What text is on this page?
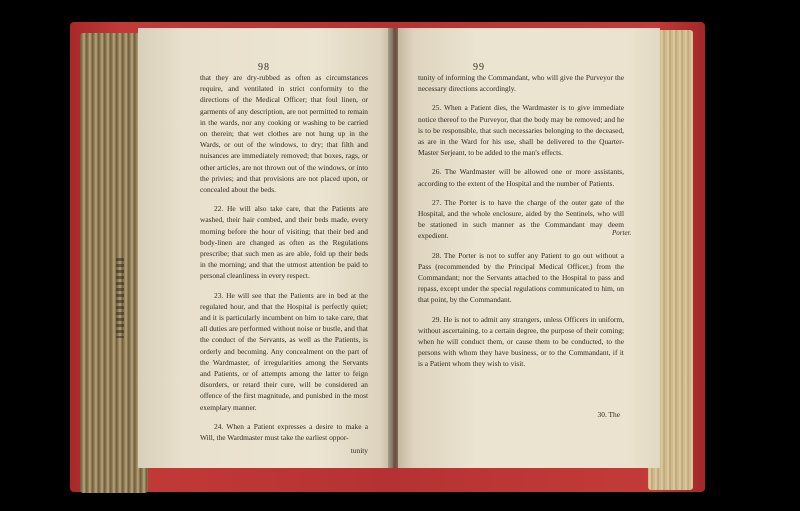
98

that they are dry-rubbed as often as circumstances require, and ventilated in strict conformity to the directions of the Medical Officer; that foul linen, or garments of any description, are not permitted to remain in the wards, nor any cooking or washing to be carried on therein; that wet clothes are not hung up in the Wards, or out of the windows, to dry; that filth and nuisances are immediately removed; that boxes, rags, or other articles, are not thrown out of the windows, or into the privies; and that provisions are not placed upon, or concealed about the beds.

22. He will also take care, that the Patients are washed, their hair combed, and their beds made, every morning before the hour of visiting; that their bed and body-linen are changed as often as the Regulations prescribe; that such men as are able, fold up their beds in the morning; and that the utmost attention be paid to personal cleanliness in every respect.

23. He will see that the Patients are in bed at the regulated hour, and that the Hospital is perfectly quiet; and it is particularly incumbent on him to take care, that all duties are performed without noise or bustle, and that the conduct of the Servants, as well as the Patients, is orderly and becoming. Any concealment on the part of the Wardmaster, of irregularities among the Servants and Patients, or of attempts among the latter to feign disorders, or retard their cure, will be considered an offence of the first magnitude, and punished in the most exemplary manner.

24. When a Patient expresses a desire to make a Will, the Wardmaster must take the earliest oppor-

tunity
99

tunity of informing the Commandant, who will give the Purveyor the necessary directions accordingly.

25. When a Patient dies, the Wardmaster is to give immediate notice thereof to the Purveyor, that the body may be removed; and he is to be responsible, that such necessaries belonging to the deceased, as are in the Ward for his use, shall be delivered to the Quarter-Master Serjeant, to be added to the man's effects.

26. The Wardmaster will be allowed one or more assistants, according to the extent of the Hospital and the number of Patients.

27. The Porter is to have the charge of the outer gate of the Hospital, and the whole enclosure, aided by the Sentinels, who will be stationed in such manner as the Commandant may deem expedient.

28. The Porter is not to suffer any Patient to go out without a Pass (recommended by the Principal Medical Officer,) from the Commandant; nor the Servants attached to the Hospital to pass and repass, except under the special regulations communicated to him, on that point, by the Commandant.

29. He is not to admit any strangers, unless Officers in uniform, without ascertaining, to a certain degree, the purpose of their coming; when he will conduct them, or cause them to be conducted, to the persons with whom they have business, or to the Commandant, if it is a Patient whom they wish to visit.

30. The
Porter.
